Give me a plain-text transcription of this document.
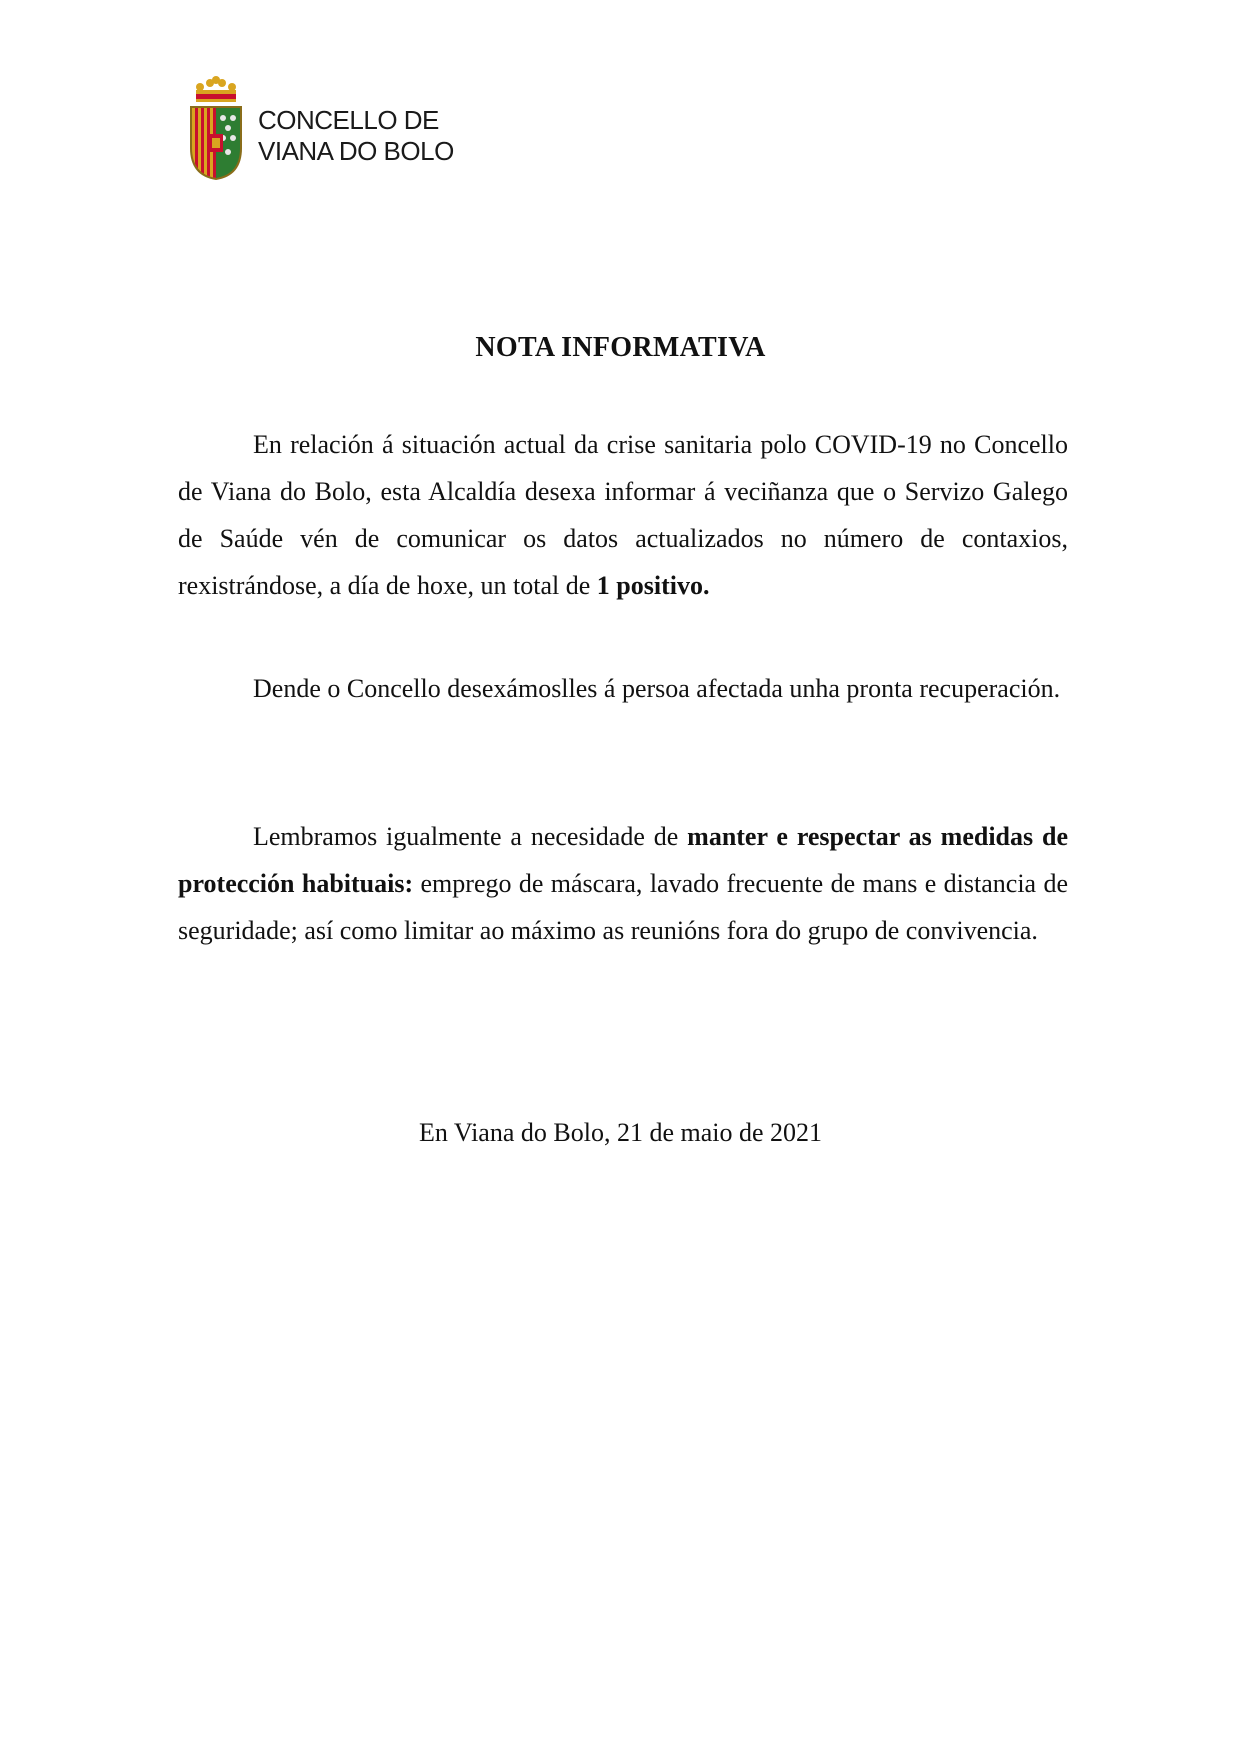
CONCELLO DE
VIANA DO BOLO
NOTA INFORMATIVA
En relación á situación actual da crise sanitaria polo COVID-19 no Concello de Viana do Bolo, esta Alcaldía desexa informar á veciñanza que o Servizo Galego de Saúde vén de comunicar os datos actualizados no número de contaxios, rexistrándose, a día de hoxe, un total de 1 positivo.
Dende o Concello desexámoslles á persoa afectada unha pronta recuperación.
Lembramos igualmente a necesidade de manter e respectar as medidas de protección habituais: emprego de máscara, lavado frecuente de mans e distancia de seguridade; así como limitar ao máximo as reunións fora do grupo de convivencia.
En Viana do Bolo, 21 de maio de 2021
